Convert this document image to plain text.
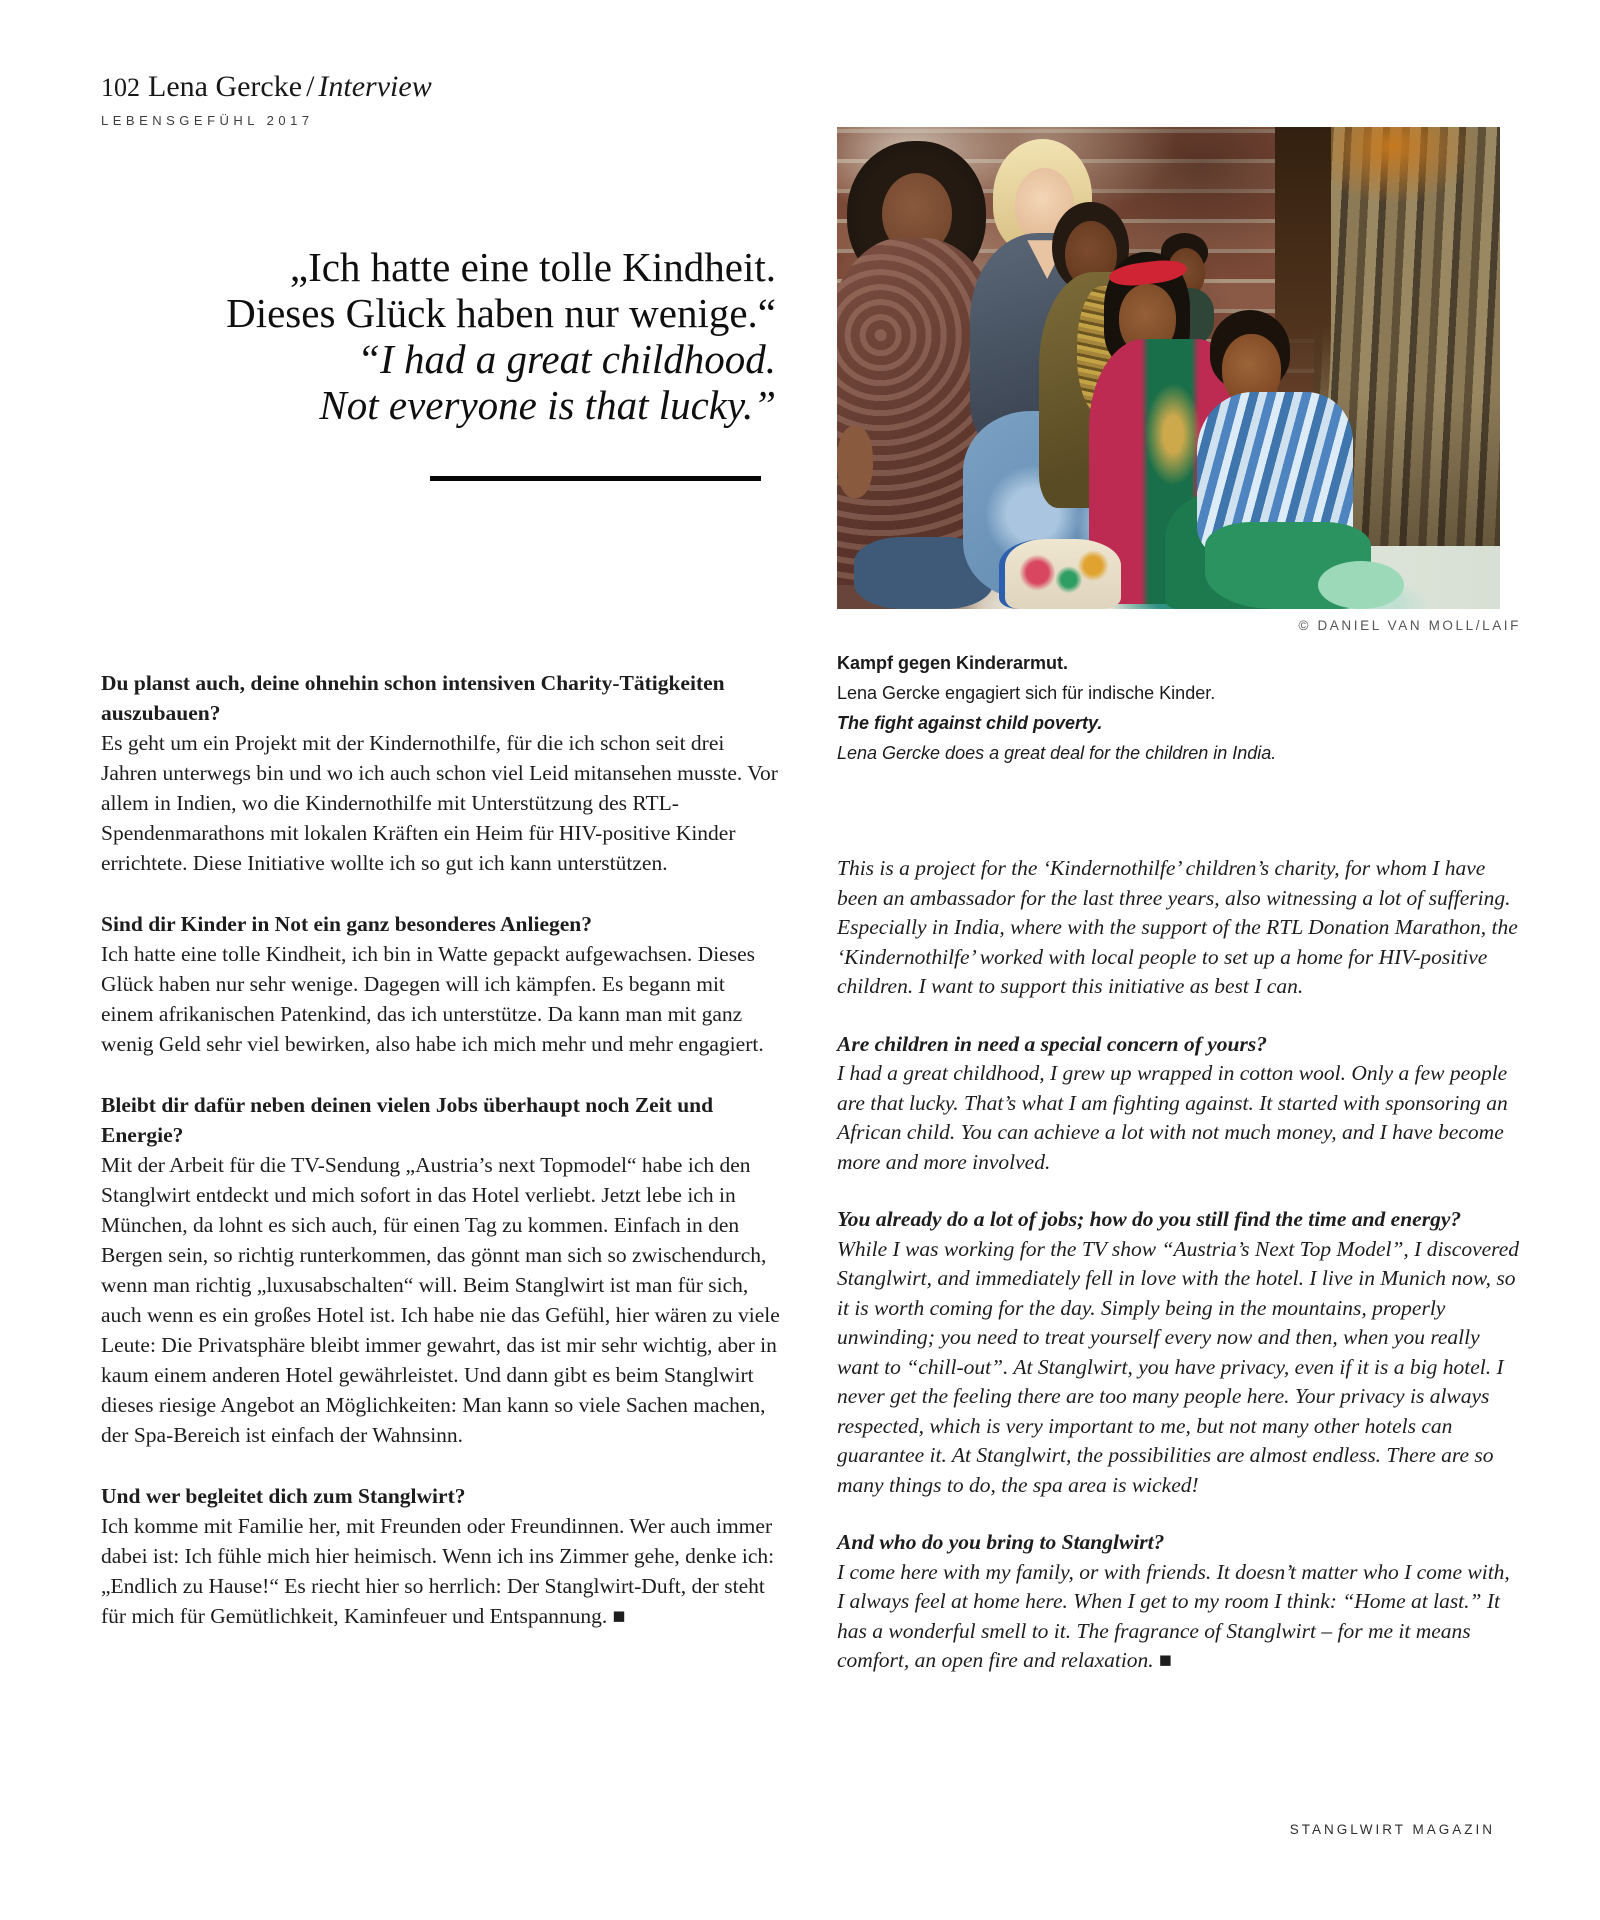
102 Lena Gercke / Interview
LEBENSGEFÜHL 2017
„Ich hatte eine tolle Kindheit.
Dieses Glück haben nur wenige.“
“I had a great childhood.
Not everyone is that lucky.”
Du planst auch, deine ohnehin schon intensiven Charity-Tätigkeiten auszubauen?

Es geht um ein Projekt mit der Kindernothilfe, für die ich schon seit drei Jahren unterwegs bin und wo ich auch schon viel Leid mitansehen musste. Vor allem in Indien, wo die Kindernothilfe mit Unterstützung des RTL-Spendenmarathons mit lokalen Kräften ein Heim für HIV-positive Kinder errichtete. Diese Initiative wollte ich so gut ich kann unterstützen.

Sind dir Kinder in Not ein ganz besonderes Anliegen?

Ich hatte eine tolle Kindheit, ich bin in Watte gepackt aufgewachsen. Dieses Glück haben nur sehr wenige. Dagegen will ich kämpfen. Es begann mit einem afrikanischen Patenkind, das ich unterstütze. Da kann man mit ganz wenig Geld sehr viel bewirken, also habe ich mich mehr und mehr engagiert.

Bleibt dir dafür neben deinen vielen Jobs überhaupt noch Zeit und Energie?

Mit der Arbeit für die TV-Sendung „Austria’s next Topmodel“ habe ich den Stanglwirt entdeckt und mich sofort in das Hotel verliebt. Jetzt lebe ich in München, da lohnt es sich auch, für einen Tag zu kommen. Einfach in den Bergen sein, so richtig runterkommen, das gönnt man sich so zwischendurch, wenn man richtig „luxusabschalten“ will. Beim Stanglwirt ist man für sich, auch wenn es ein großes Hotel ist. Ich habe nie das Gefühl, hier wären zu viele Leute: Die Privatsphäre bleibt immer gewahrt, das ist mir sehr wichtig, aber in kaum einem anderen Hotel gewährleistet. Und dann gibt es beim Stanglwirt dieses riesige Angebot an Möglichkeiten: Man kann so viele Sachen machen, der Spa-Bereich ist einfach der Wahnsinn.

Und wer begleitet dich zum Stanglwirt?

Ich komme mit Familie her, mit Freunden oder Freundinnen. Wer auch immer dabei ist: Ich fühle mich hier heimisch. Wenn ich ins Zimmer gehe, denke ich: „Endlich zu Hause!“ Es riecht hier so herrlich: Der Stanglwirt-Duft, der steht für mich für Gemütlichkeit, Kaminfeuer und Entspannung. ■

© DANIEL VAN MOLL/LAIF
Kampf gegen Kinderarmut.
Lena Gercke engagiert sich für indische Kinder.
The fight against child poverty.
Lena Gercke does a great deal for the children in India.

This is a project for the ‘Kindernothilfe’ children’s charity, for whom I have been an ambassador for the last three years, also witnessing a lot of suffering. Especially in India, where with the support of the RTL Donation Marathon, the ‘Kindernothilfe’ worked with local people to set up a home for HIV-positive children. I want to support this initiative as best I can.

Are children in need a special concern of yours?

I had a great childhood, I grew up wrapped in cotton wool. Only a few people are that lucky. That’s what I am fighting against. It started with sponsoring an African child. You can achieve a lot with not much money, and I have become more and more involved.

You already do a lot of jobs; how do you still find the time and energy?

While I was working for the TV show “Austria’s Next Top Model”, I discovered Stanglwirt, and immediately fell in love with the hotel. I live in Munich now, so it is worth coming for the day. Simply being in the mountains, properly unwinding; you need to treat yourself every now and then, when you really want to “chill-out”. At Stanglwirt, you have privacy, even if it is a big hotel. I never get the feeling there are too many people here. Your privacy is always respected, which is very important to me, but not many other hotels can guarantee it. At Stanglwirt, the possibilities are almost endless. There are so many things to do, the spa area is wicked!

And who do you bring to Stanglwirt?

I come here with my family, or with friends. It doesn’t matter who I come with, I always feel at home here. When I get to my room I think: “Home at last.” It has a wonderful smell to it. The fragrance of Stanglwirt – for me it means comfort, an open fire and relaxation. ■

STANGLWIRT MAGAZIN
